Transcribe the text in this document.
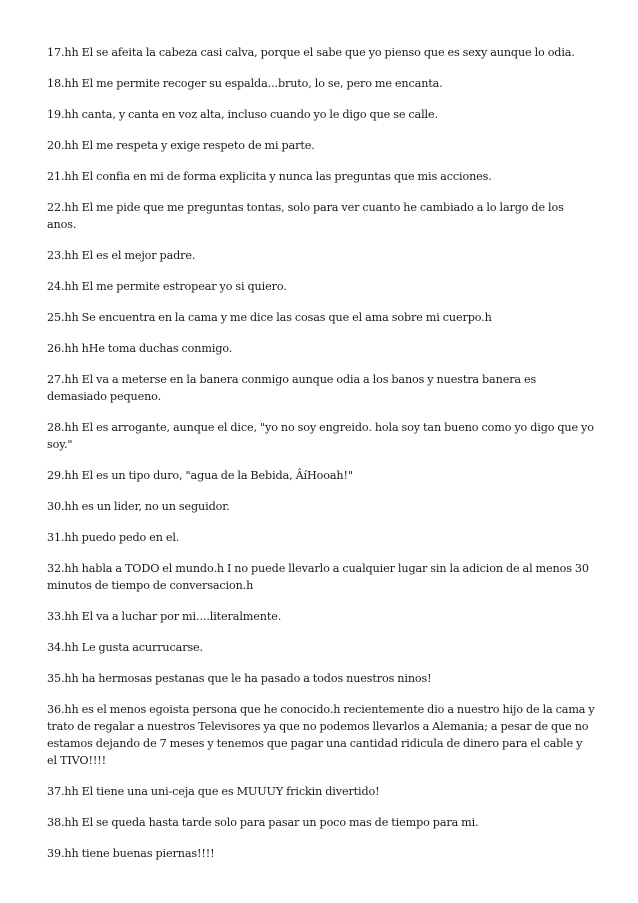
17.hh El se afeita la cabeza casi calva, porque el sabe que yo pienso que es sexy aunque lo odia.

18.hh El me permite recoger su espalda...bruto, lo se, pero me encanta.

19.hh canta, y canta en voz alta, incluso cuando yo le digo que se calle.

20.hh El me respeta y exige respeto de mi parte.

21.hh El confia en mi de forma explicita y nunca las preguntas que mis acciones.

22.hh El me pide que me preguntas tontas, solo para ver cuanto he cambiado a lo largo de los anos.

23.hh El es el mejor padre.

24.hh El me permite estropear yo si quiero.

25.hh Se encuentra en la cama y me dice las cosas que el ama sobre mi cuerpo.h

26.hh hHe toma duchas conmigo.

27.hh El va a meterse en la banera conmigo aunque odia a los banos y nuestra banera es demasiado pequeno.

28.hh El es arrogante, aunque el dice, "yo no soy engreido. hola soy tan bueno como yo digo que yo soy."

29.hh El es un tipo duro, "agua de la Bebida, ÂíHooah!"

30.hh es un lider, no un seguidor.

31.hh puedo pedo en el.

32.hh habla a TODO el mundo.h I no puede llevarlo a cualquier lugar sin la adicion de al menos 30 minutos de tiempo de conversacion.h

33.hh El va a luchar por mi....literalmente.

34.hh Le gusta acurrucarse.

35.hh ha hermosas pestanas que le ha pasado a todos nuestros ninos!

36.hh es el menos egoista persona que he conocido.h recientemente dio a nuestro hijo de la cama y trato de regalar a nuestros Televisores ya que no podemos llevarlos a Alemania; a pesar de que no estamos dejando de 7 meses y tenemos que pagar una cantidad ridicula de dinero para el cable y el TIVO!!!!

37.hh El tiene una uni-ceja que es MUUUY frickin divertido!

38.hh El se queda hasta tarde solo para pasar un poco mas de tiempo para mi.

39.hh tiene buenas piernas!!!!
